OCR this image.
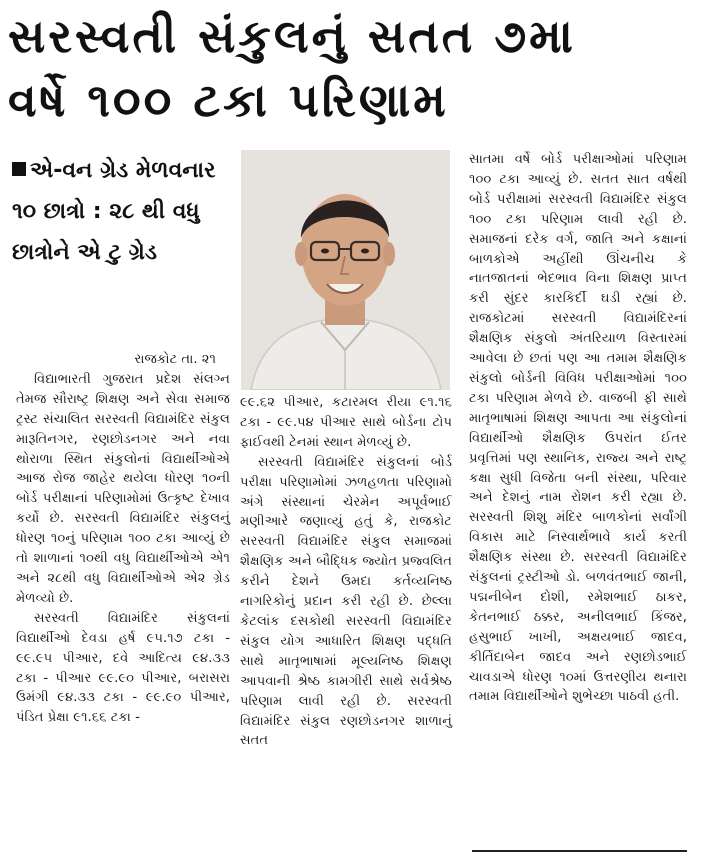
સરસ્વતી સંકુલનું સતત ૭મા
વર્ષે ૧૦૦ ટકા પરિણામ
એ-વન ગ્રેડ મેળવનાર ૧૦ છાત્રો : ૨૮ થી વધુ છાત્રોને એ ટુ ગ્રેડ

રાજકોટ તા. ૨૧

વિદ્યાભારતી ગુજરાત પ્રદેશ સંલગ્ન તેમજ સૌરાષ્ટ્ર શિક્ષણ અને સેવા સમાજ ટ્રસ્ટ સંચાલિત સરસ્વતી વિદ્યામંદિર સંકુલ મારૂતિનગર, રણછોડનગર અને નવા થોરાળા સ્થિત સંકુલોનાં વિદ્યાર્થીઓએ આજ રોજ જાહેર થયેલા ધોરણ ૧૦ની બોર્ડ પરીક્ષાનાં પરિણામોમાં ઉત્કૃષ્ટ દેખાવ કર્યો છે. સરસ્વતી વિદ્યામંદિર સંકુલનું ધોરણ ૧૦નું પરિણામ ૧૦૦ ટકા આવ્યું છે તો શાળાનાં ૧૦થી વધુ વિદ્યાર્થીઓએ એ૧ અને ૨૮થી વધુ વિદ્યાર્થીઓએ એ૨ ગ્રેડ મેળવ્યો છે.

સરસ્વતી વિદ્યામંદિર સંકુલનાં વિદ્યાર્થીઓ દેવડા હર્ષ ૯૫.૧૭ ટકા - ૯૯.૯૫ પીઆર, દવે આદિત્ય ૯૪.૩૩ ટકા - પીઆર ૯૯.૯૦ પીઆર, બરાસરા ઉમંગી ૯૪.૩૩ ટકા - ૯૯.૯૦ પીઆર, પંડિત પ્રેક્ષા ૯૧.૬૬ ટકા -

૯૯.૬૨ પીઆર, કટારમલ રીયા ૯૧.૧૬ ટકા - ૯૯.૫૪ પીઆર સાથે બોર્ડના ટોપ ફાઈવથી ટેનમાં સ્થાન મેળવ્યું છે.

સરસ્વતી વિદ્યામંદિર સંકુલનાં બોર્ડ પરીક્ષા પરિણામોમાં ઝળહળતા પરિણામો અંગે સંસ્થાનાં ચેરમેન અપૂર્વભાઈ મણીઆરે જણાવ્યું હતું કે, રાજકોટ સરસ્વતી વિદ્યામંદિર સંકુલ સમાજમાં શૈક્ષણિક અને બૌદ્ધિક જ્યોત પ્રજ્વલિત કરીને દેશને ઉમદા કર્તવ્યનિષ્ઠ નાગરિકોનું પ્રદાન કરી રહી છે. છેલ્લા કેટલાંક દસકોથી સરસ્વતી વિદ્યામંદિર સંકુલ યોગ આધારિત શિક્ષણ પદ્ધતિ સાથે માતૃભાષામાં મૂલ્યનિષ્ઠ શિક્ષણ આપવાની શ્રેષ્ઠ કામગીરી સાથે સર્વશ્રેષ્ઠ પરિણામ લાવી રહી છે. સરસ્વતી વિદ્યામંદિર સંકુલ રણછોડનગર શાળાનું સતત

સાતમા વર્ષે બોર્ડ પરીક્ષાઓમાં પરિણામ ૧૦૦ ટકા આવ્યું છે. સતત સાત વર્ષથી બોર્ડ પરીક્ષામાં સરસ્વતી વિદ્યામંદિર સંકુલ ૧૦૦ ટકા પરિણામ લાવી રહી છે. સમાજનાં દરેક વર્ગ, જાતિ અને કક્ષાનાં બાળકોએ અહીંથી ઊંચનીચ કે નાતજાતનાં ભેદભાવ વિના શિક્ષણ પ્રાપ્ત કરી સુંદર કારકિર્દી ઘડી રહ્યાં છે. રાજકોટમાં સરસ્વતી વિદ્યામંદિરનાં શૈક્ષણિક સંકુલો અંતરિયાળ વિસ્તારમાં આવેલા છે છતાં પણ આ તમામ શૈક્ષણિક સંકુલો બોર્ડની વિવિધ પરીક્ષાઓમાં ૧૦૦ ટકા પરિણામ મેળવે છે. વાજબી ફી સાથે માતૃભાષામાં શિક્ષણ આપતા આ સંકુલોનાં વિદ્યાર્થીઓ શૈક્ષણિક ઉપરાંત ઈતર પ્રવૃત્તિમાં પણ સ્થાનિક, રાજ્ય અને રાષ્ટ્ર કક્ષા સુધી વિજેતા બની સંસ્થા, પરિવાર અને દેશનું નામ રોશન કરી રહ્યા છે. સરસ્વતી શિશુ મંદિર બાળકોનાં સર્વાંગી વિકાસ માટે નિસ્વાર્થભાવે કાર્ય કરતી શૈક્ષણિક સંસ્થા છે. સરસ્વતી વિદ્યામંદિર સંકુલનાં ટ્રસ્ટીઓ ડો. બળવંતભાઈ જાની, પદ્મનીબેન દોશી, રમેશભાઈ ઠાકર, કેતનભાઈ ઠક્કર, અનીલભાઈ કિંજર, હસુભાઈ ખાખી, અક્ષયભાઈ જાદવ, કીર્તિદાબેન જાદવ અને રણછોડભાઈ ચાવડાએ ધોરણ ૧૦માં ઉત્તરણીય થનારા તમામ વિદ્યાર્થીઓને શુભેચ્છા પાઠવી હતી.
